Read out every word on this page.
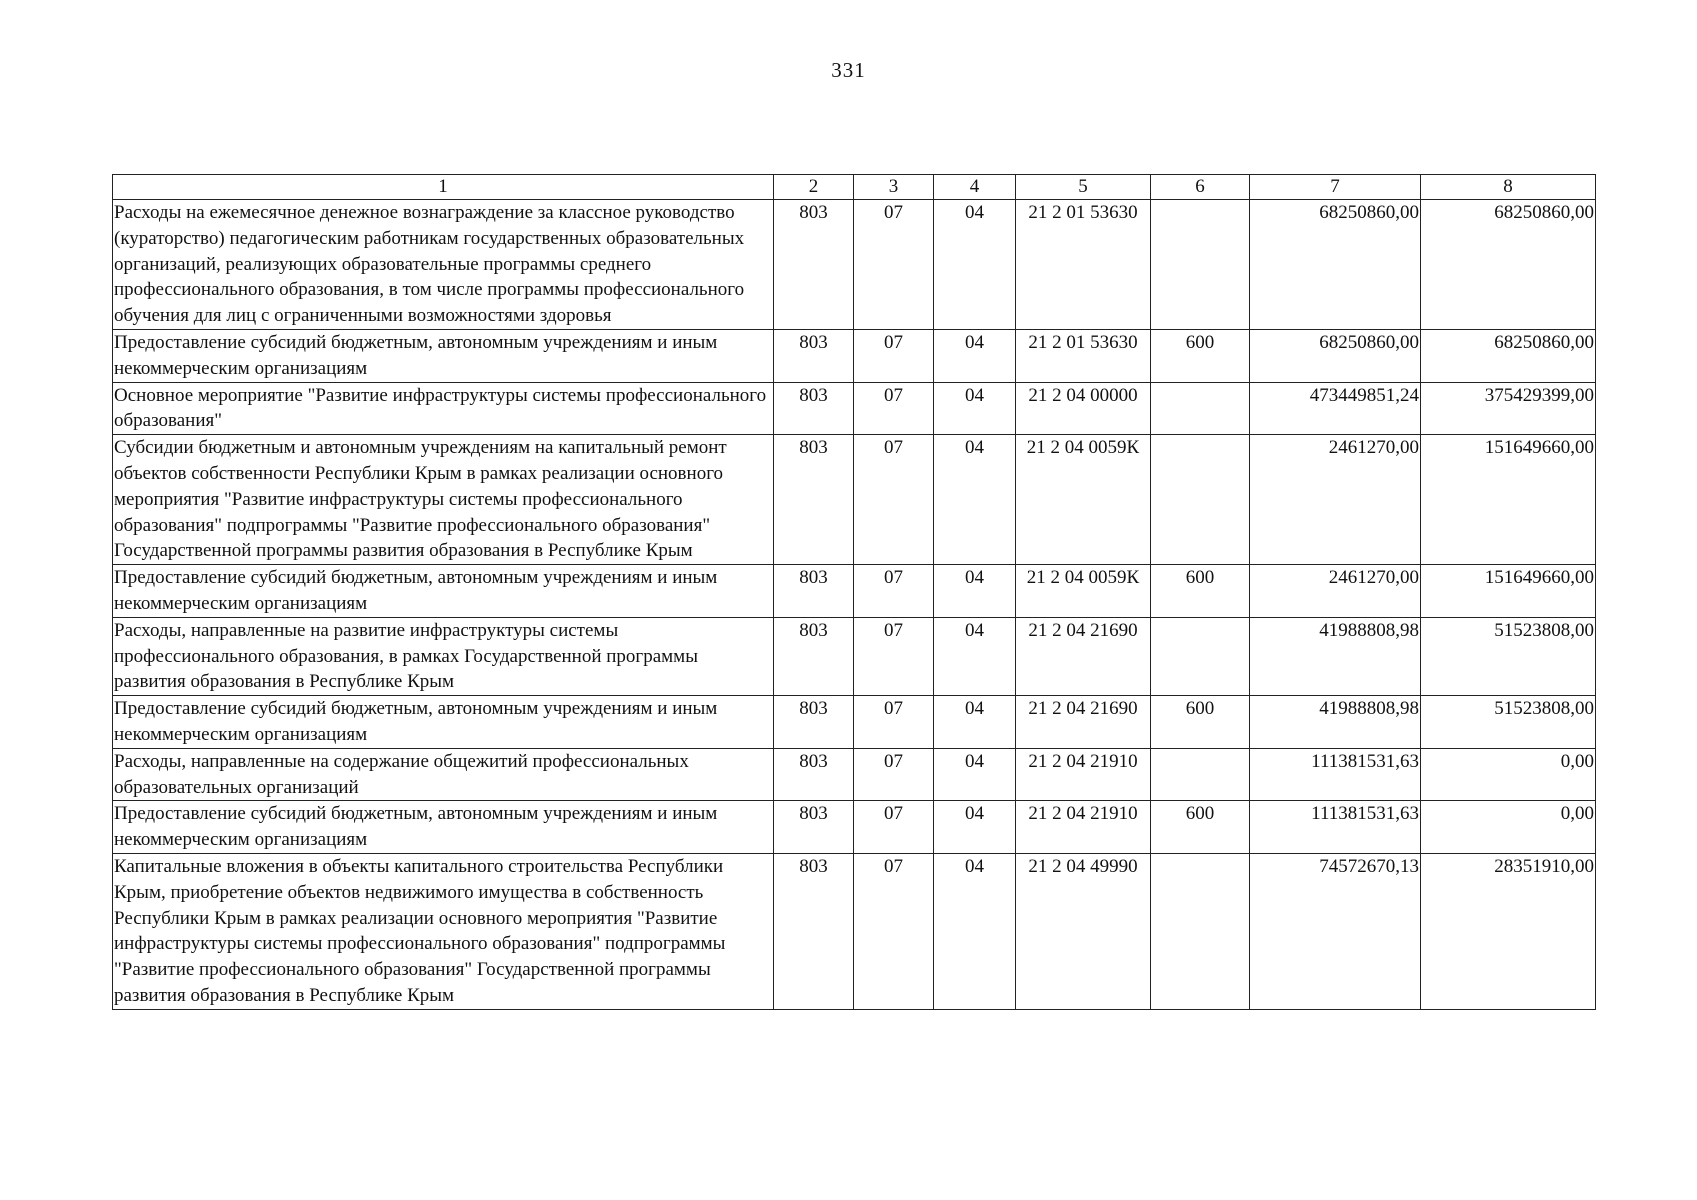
331
1	2	3	4	5	6	7	8
Расходы на ежемесячное денежное вознаграждение за классное руководство (кураторство) педагогическим работникам государственных образовательных организаций, реализующих образовательные программы среднего профессионального образования, в том числе программы профессионального обучения для лиц с ограниченными возможностями здоровья	803	07	04	21 2 01 53630		68250860,00	68250860,00
Предоставление субсидий бюджетным, автономным учреждениям и иным некоммерческим организациям	803	07	04	21 2 01 53630	600	68250860,00	68250860,00
Основное мероприятие "Развитие инфраструктуры системы профессионального образования"	803	07	04	21 2 04 00000		473449851,24	375429399,00
Субсидии бюджетным и автономным учреждениям на капитальный ремонт объектов собственности Республики Крым в рамках реализации основного мероприятия "Развитие инфраструктуры системы профессионального образования" подпрограммы "Развитие профессионального образования" Государственной программы развития образования в Республике Крым	803	07	04	21 2 04 0059К		2461270,00	151649660,00
Предоставление субсидий бюджетным, автономным учреждениям и иным некоммерческим организациям	803	07	04	21 2 04 0059К	600	2461270,00	151649660,00
Расходы, направленные на развитие инфраструктуры системы профессионального образования, в рамках Государственной программы развития образования в Республике Крым	803	07	04	21 2 04 21690		41988808,98	51523808,00
Предоставление субсидий бюджетным, автономным учреждениям и иным некоммерческим организациям	803	07	04	21 2 04 21690	600	41988808,98	51523808,00
Расходы, направленные на содержание общежитий профессиональных образовательных организаций	803	07	04	21 2 04 21910		111381531,63	0,00
Предоставление субсидий бюджетным, автономным учреждениям и иным некоммерческим организациям	803	07	04	21 2 04 21910	600	111381531,63	0,00
Капитальные вложения в объекты капитального строительства Республики Крым, приобретение объектов недвижимого имущества в собственность Республики Крым в рамках реализации основного мероприятия "Развитие инфраструктуры системы профессионального образования" подпрограммы "Развитие профессионального образования" Государственной программы развития образования в Республике Крым	803	07	04	21 2 04 49990		74572670,13	28351910,00
